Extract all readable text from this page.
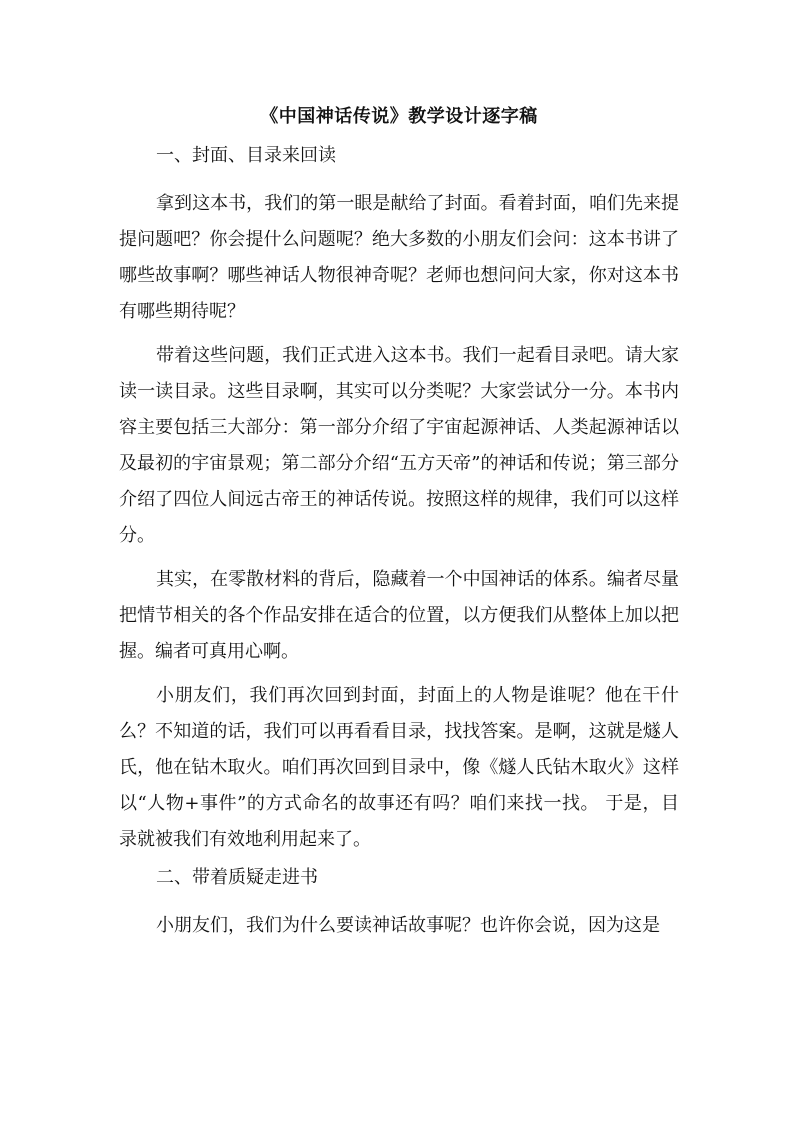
《中国神话传说》教学设计逐字稿
一、封面、目录来回读

拿到这本书，我们的第一眼是献给了封面。看着封面，咱们先来提提问题吧？你会提什么问题呢？绝大多数的小朋友们会问：这本书讲了哪些故事啊？哪些神话人物很神奇呢？老师也想问问大家，你对这本书有哪些期待呢？

带着这些问题，我们正式进入这本书。我们一起看目录吧。请大家读一读目录。这些目录啊，其实可以分类呢？大家尝试分一分。本书内容主要包括三大部分：第一部分介绍了宇宙起源神话、人类起源神话以及最初的宇宙景观；第二部分介绍“五方天帝”的神话和传说；第三部分介绍了四位人间远古帝王的神话传说。按照这样的规律，我们可以这样分。

其实，在零散材料的背后，隐藏着一个中国神话的体系。编者尽量把情节相关的各个作品安排在适合的位置，以方便我们从整体上加以把握。编者可真用心啊。

小朋友们，我们再次回到封面，封面上的人物是谁呢？他在干什么？不知道的话，我们可以再看看目录，找找答案。是啊，这就是燧人氏，他在钻木取火。咱们再次回到目录中，像《燧人氏钻木取火》这样以“人物+事件”的方式命名的故事还有吗？咱们来找一找。 于是，目录就被我们有效地利用起来了。

二、带着质疑走进书

小朋友们，我们为什么要读神话故事呢？也许你会说，因为这是
